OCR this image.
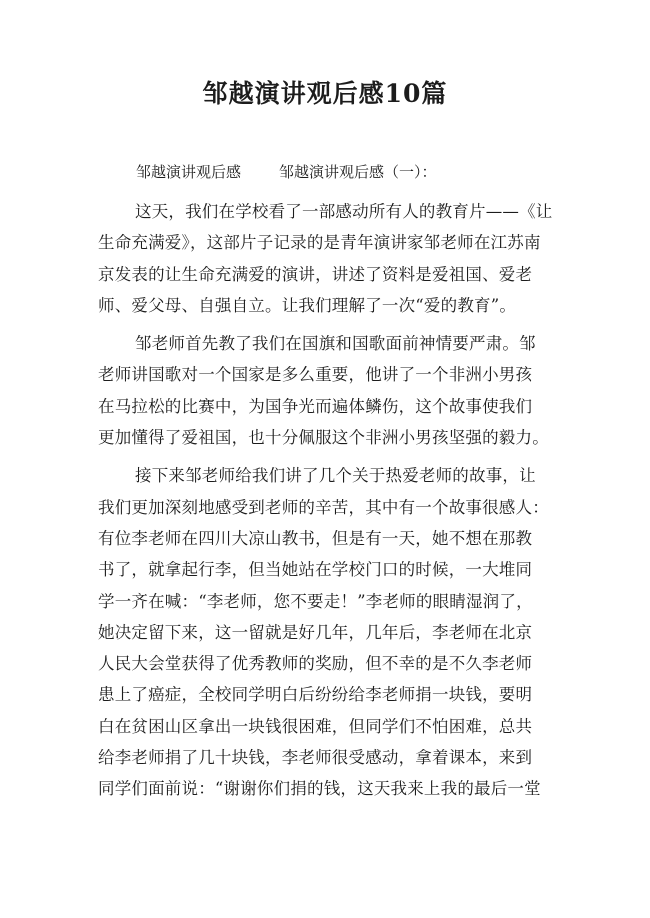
邹越演讲观后感10篇
邹越演讲观后感	邹越演讲观后感（一）：
这天，我们在学校看了一部感动所有人的教育片——《让
生命充满爱》，这部片子记录的是青年演讲家邹老师在江苏南
京发表的让生命充满爱的演讲，讲述了资料是爱祖国、爱老
师、爱父母、自强自立。让我们理解了一次“爱的教育”。
邹老师首先教了我们在国旗和国歌面前神情要严肃。邹
老师讲国歌对一个国家是多么重要，他讲了一个非洲小男孩
在马拉松的比赛中，为国争光而遍体鳞伤，这个故事使我们
更加懂得了爱祖国，也十分佩服这个非洲小男孩坚强的毅力。
接下来邹老师给我们讲了几个关于热爱老师的故事，让
我们更加深刻地感受到老师的辛苦，其中有一个故事很感人：
有位李老师在四川大凉山教书，但是有一天，她不想在那教
书了，就拿起行李，但当她站在学校门口的时候，一大堆同
学一齐在喊：“李老师，您不要走！”李老师的眼睛湿润了，
她决定留下来，这一留就是好几年，几年后，李老师在北京
人民大会堂获得了优秀教师的奖励，但不幸的是不久李老师
患上了癌症，全校同学明白后纷纷给李老师捐一块钱，要明
白在贫困山区拿出一块钱很困难，但同学们不怕困难，总共
给李老师捐了几十块钱，李老师很受感动，拿着课本，来到
同学们面前说：“谢谢你们捐的钱，这天我来上我的最后一堂
